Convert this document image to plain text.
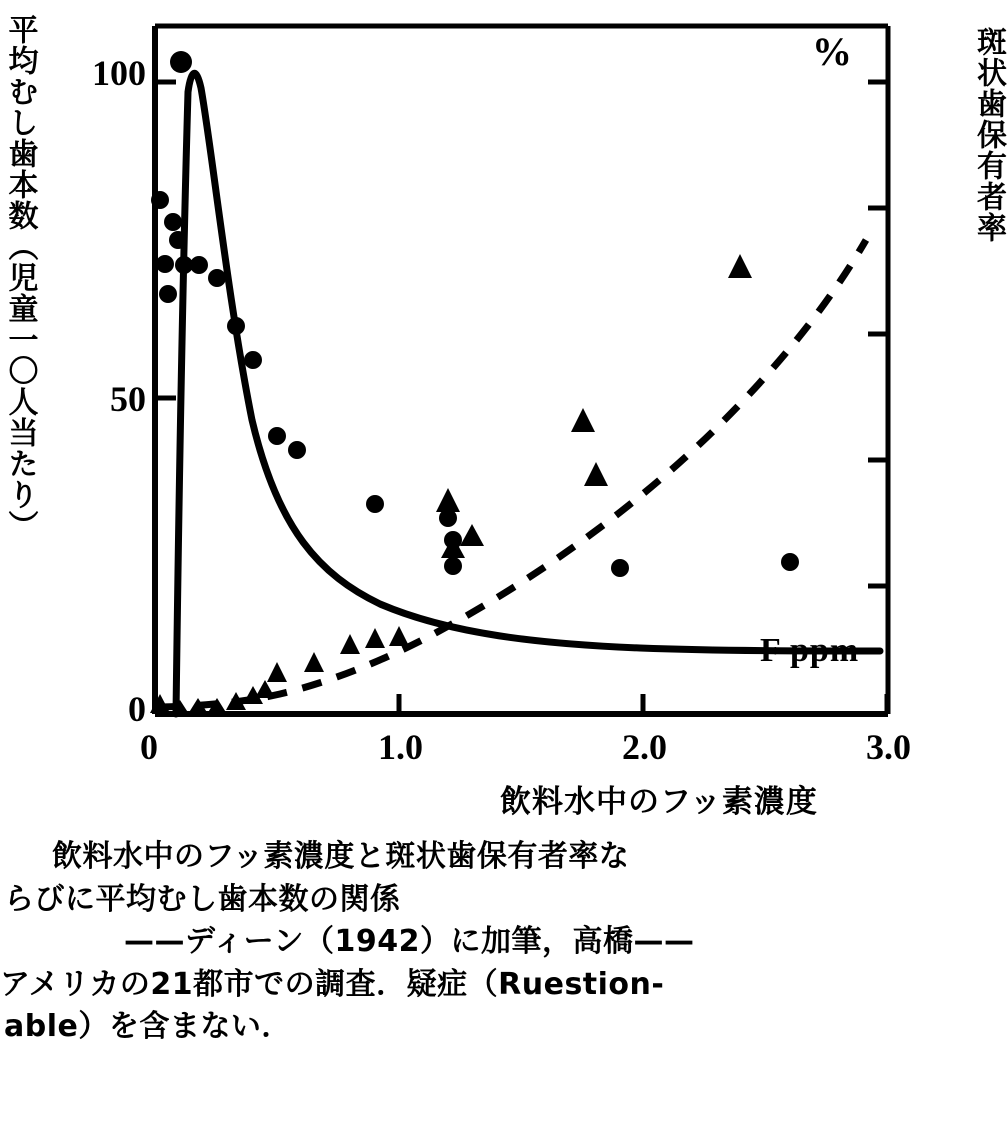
平均むし歯本数（児童一〇人当たり）	斑状歯保有者率
%
F ppm
100
50
0
0	1.0	2.0	3.0
飲料水中のフッ素濃度
飲料水中のフッ素濃度と斑状歯保有者率な
らびに平均むし歯本数の関係
——ディーン（1942）に加筆，高橋——
アメリカの21都市での調査．疑症（Ruestion-
able）を含まない．
